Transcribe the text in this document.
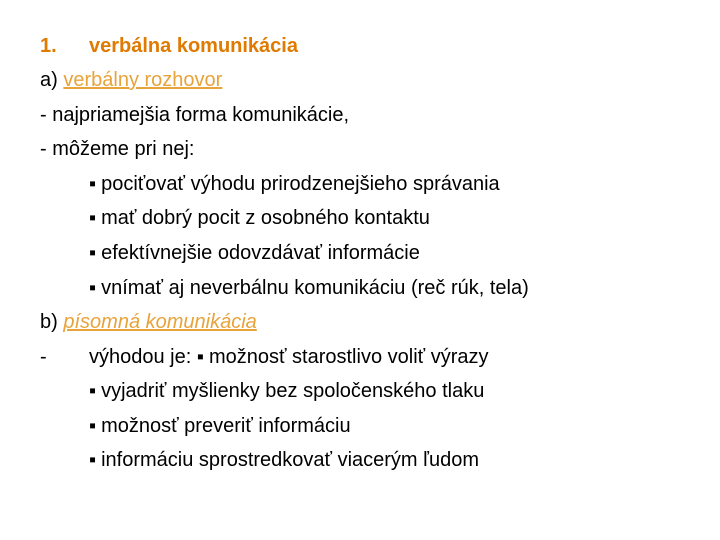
1. verbálna komunikácia
a) verbálny rozhovor
- najpriamejšia forma komunikácie,
- môžeme pri nej:
▪ pociťovať výhodu prirodzenejšieho správania
▪ mať dobrý pocit z osobného kontaktu
▪ efektívnejšie odovzdávať informácie
▪ vnímať aj neverbálnu komunikáciu (reč rúk, tela)
b) písomná komunikácia
- výhodou je: ▪ možnosť starostlivo voliť výrazy
▪ vyjadriť myšlienky bez spoločenského tlaku
▪ možnosť preveriť informáciu
▪ informáciu sprostredkovať viacerým ľudom
